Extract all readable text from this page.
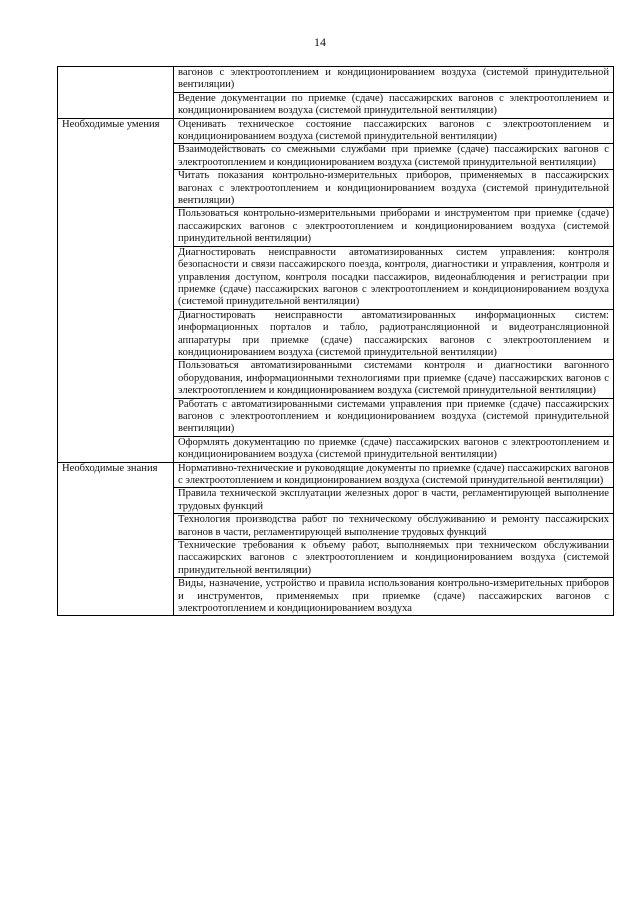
14
	вагонов с электроотоплением и кондиционированием воздуха (системой принудительной вентиляции)
	Ведение документации по приемке (сдаче) пассажирских вагонов с электроотоплением и кондиционированием воздуха (системой принудительной вентиляции)
Необходимые умения	Оценивать техническое состояние пассажирских вагонов с электроотоплением и кондиционированием воздуха (системой принудительной вентиляции)
	Взаимодействовать со смежными службами при приемке (сдаче) пассажирских вагонов с электроотоплением и кондиционированием воздуха (системой принудительной вентиляции)
	Читать показания контрольно-измерительных приборов, применяемых в пассажирских вагонах с электроотоплением и кондиционированием воздуха (системой принудительной вентиляции)
	Пользоваться контрольно-измерительными приборами и инструментом при приемке (сдаче) пассажирских вагонов с электроотоплением и кондиционированием воздуха (системой принудительной вентиляции)
	Диагностировать неисправности автоматизированных систем управления: контроля безопасности и связи пассажирского поезда, контроля, диагностики и управления, контроля и управления доступом, контроля посадки пассажиров, видеонаблюдения и регистрации при приемке (сдаче) пассажирских вагонов с электроотоплением и кондиционированием воздуха (системой принудительной вентиляции)
	Диагностировать неисправности автоматизированных информационных систем: информационных порталов и табло, радиотрансляционной и видеотрансляционной аппаратуры при приемке (сдаче) пассажирских вагонов с электроотоплением и кондиционированием воздуха (системой принудительной вентиляции)
	Пользоваться автоматизированными системами контроля и диагностики вагонного оборудования, информационными технологиями при приемке (сдаче) пассажирских вагонов с электроотоплением и кондиционированием воздуха (системой принудительной вентиляции)
	Работать с автоматизированными системами управления при приемке (сдаче) пассажирских вагонов с электроотоплением и кондиционированием воздуха (системой принудительной вентиляции)
	Оформлять документацию по приемке (сдаче) пассажирских вагонов с электроотоплением и кондиционированием воздуха (системой принудительной вентиляции)
Необходимые знания	Нормативно-технические и руководящие документы по приемке (сдаче) пассажирских вагонов с электроотоплением и кондиционированием воздуха (системой принудительной вентиляции)
	Правила технической эксплуатации железных дорог в части, регламентирующей выполнение трудовых функций
	Технология производства работ по техническому обслуживанию и ремонту пассажирских вагонов в части, регламентирующей выполнение трудовых функций
	Технические требования к объему работ, выполняемых при техническом обслуживании пассажирских вагонов с электроотоплением и кондиционированием воздуха (системой принудительной вентиляции)
	Виды, назначение, устройство и правила использования контрольно-измерительных приборов и инструментов, применяемых при приемке (сдаче) пассажирских вагонов с электроотоплением и кондиционированием воздуха
